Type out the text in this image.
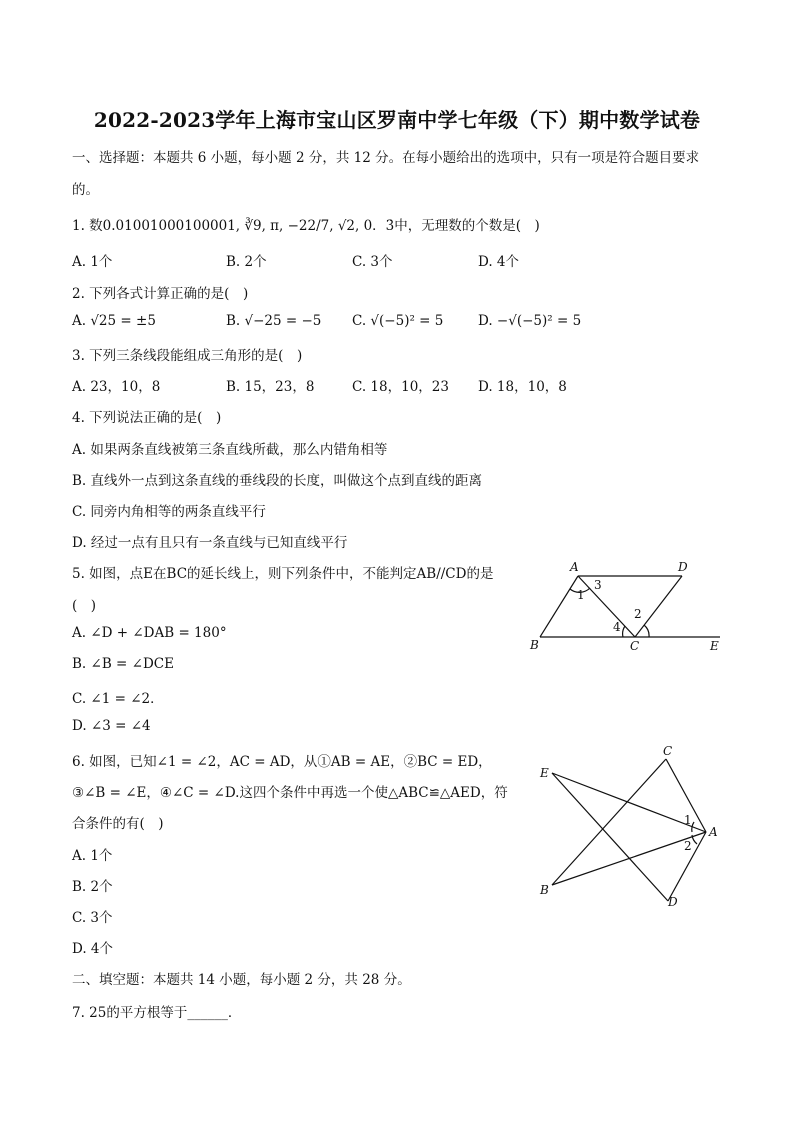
2022-2023学年上海市宝山区罗南中学七年级（下）期中数学试卷
一、选择题：本题共 6 小题，每小题 2 分，共 12 分。在每小题给出的选项中，只有一项是符合题目要求
的。
1. 数0.01001000100001, ∛9, π, −22/7, √2, 0．3̇中，无理数的个数是(　)
A. 1个	B. 2个	C. 3个	D. 4个
2. 下列各式计算正确的是(　)
A. √25 = ±5	B. √−25 = −5 C. √(−5)² = 5	D. −√(−5)² = 5
3. 下列三条线段能组成三角形的是(　)
A. 23，10，8	B. 15，23，8	C. 18，10，23 D. 18，10，8
4. 下列说法正确的是(　)
A. 如果两条直线被第三条直线所截，那么内错角相等
B. 直线外一点到这条直线的垂线段的长度，叫做这个点到直线的距离
C. 同旁内角相等的两条直线平行
D. 经过一点有且只有一条直线与已知直线平行
5. 如图，点E在BC的延长线上，则下列条件中，不能判定AB//CD的是
(　)
A. ∠D + ∠DAB = 180°
B. ∠B = ∠DCE
C. ∠1 = ∠2．
D. ∠3 = ∠4
A	D
B	C	E
1
3
2
4
6. 如图，已知∠1 = ∠2，AC = AD，从①AB = AE，②BC = ED，
③∠B = ∠E，④∠C = ∠D.这四个条件中再选一个使△ABC≌△AED，符
合条件的有(　)
A. 1个
B. 2个
C. 3个
D. 4个
C
E
A
B
D
1
2
二、填空题：本题共 14 小题，每小题 2 分，共 28 分。
7. 25的平方根等于______．
